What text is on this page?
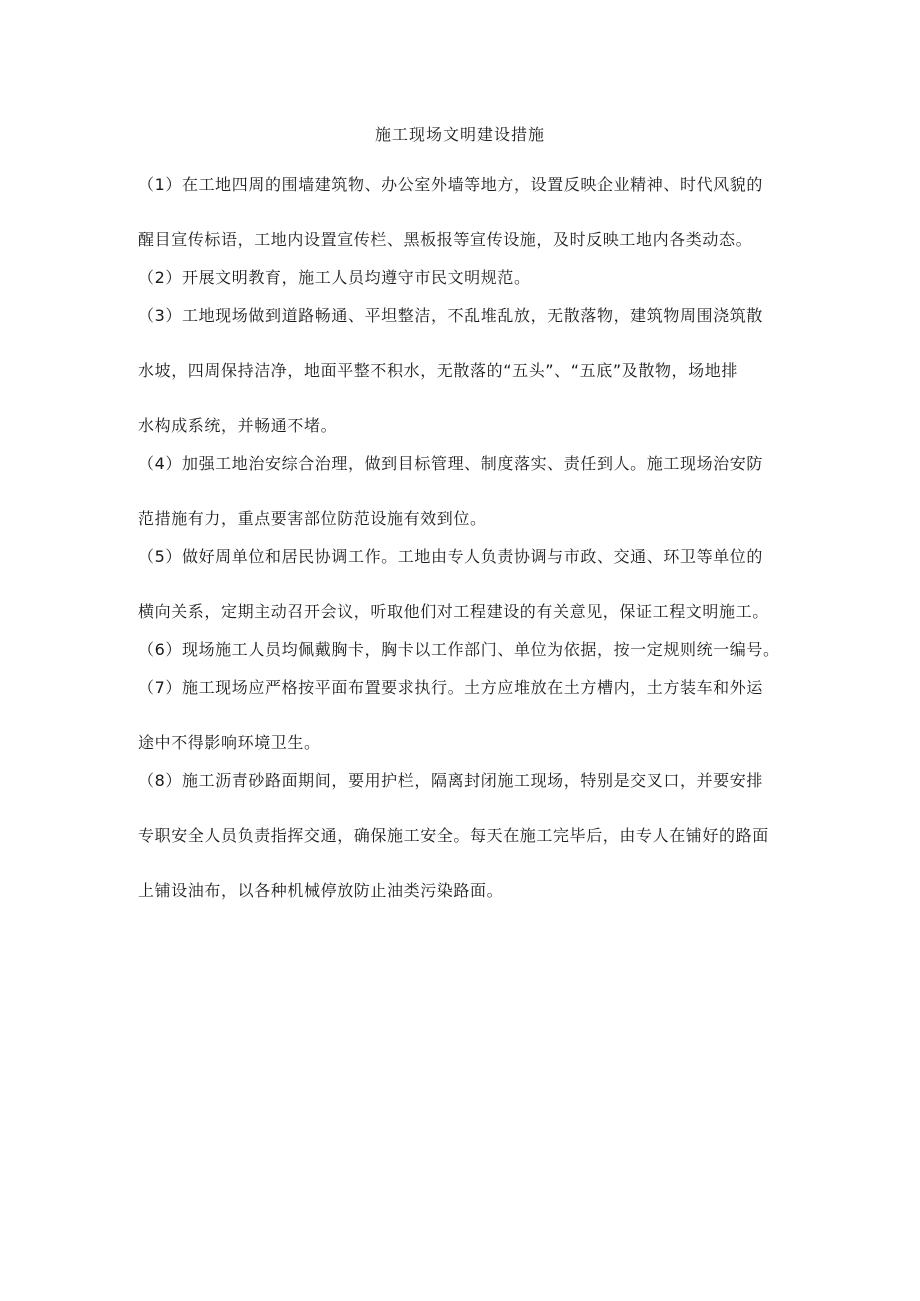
施工现场文明建设措施
（1）在工地四周的围墙建筑物、办公室外墙等地方，设置反映企业精神、时代风貌的
醒目宣传标语，工地内设置宣传栏、黑板报等宣传设施，及时反映工地内各类动态。
（2）开展文明教育，施工人员均遵守市民文明规范。
（3）工地现场做到道路畅通、平坦整洁，不乱堆乱放，无散落物，建筑物周围浇筑散
水坡，四周保持洁净，地面平整不积水，无散落的“五头”、“五底”及散物，场地排
水构成系统，并畅通不堵。
（4）加强工地治安综合治理，做到目标管理、制度落实、责任到人。施工现场治安防
范措施有力，重点要害部位防范设施有效到位。
（5）做好周单位和居民协调工作。工地由专人负责协调与市政、交通、环卫等单位的
横向关系，定期主动召开会议，听取他们对工程建设的有关意见，保证工程文明施工。
（6）现场施工人员均佩戴胸卡，胸卡以工作部门、单位为依据，按一定规则统一编号。
（7）施工现场应严格按平面布置要求执行。土方应堆放在土方槽内，土方装车和外运
途中不得影响环境卫生。
（8）施工沥青砂路面期间，要用护栏，隔离封闭施工现场，特别是交叉口，并要安排
专职安全人员负责指挥交通，确保施工安全。每天在施工完毕后，由专人在铺好的路面
上铺设油布，以各种机械停放防止油类污染路面。
